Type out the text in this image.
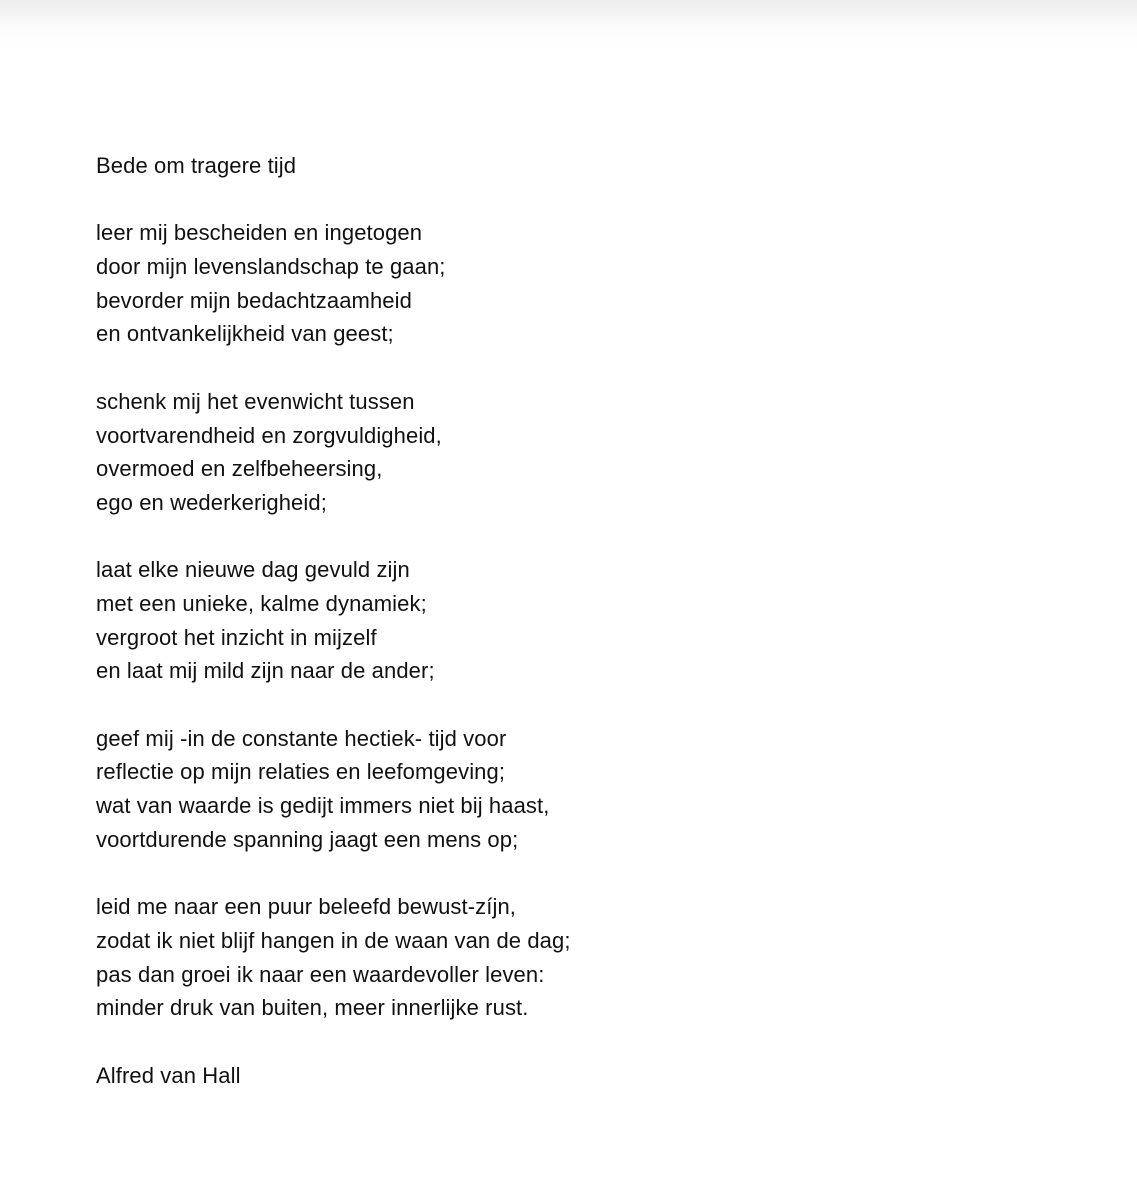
Bede om tragere tijd
leer mij bescheiden en ingetogen
door mijn levenslandschap te gaan;
bevorder mijn bedachtzaamheid
en ontvankelijkheid van geest;
schenk mij het evenwicht tussen
voortvarendheid en zorgvuldigheid,
overmoed en zelfbeheersing,
ego en wederkerigheid;
laat elke nieuwe dag gevuld zijn
met een unieke, kalme dynamiek;
vergroot het inzicht in mijzelf
en laat mij mild zijn naar de ander;
geef mij -in de constante hectiek- tijd voor
reflectie op mijn relaties en leefomgeving;
wat van waarde is gedijt immers niet bij haast,
voortdurende spanning jaagt een mens op;
leid me naar een puur beleefd bewust-zíjn,
zodat ik niet blijf hangen in de waan van de dag;
pas dan groei ik naar een waardevoller leven:
minder druk van buiten, meer innerlijke rust.
Alfred van Hall
